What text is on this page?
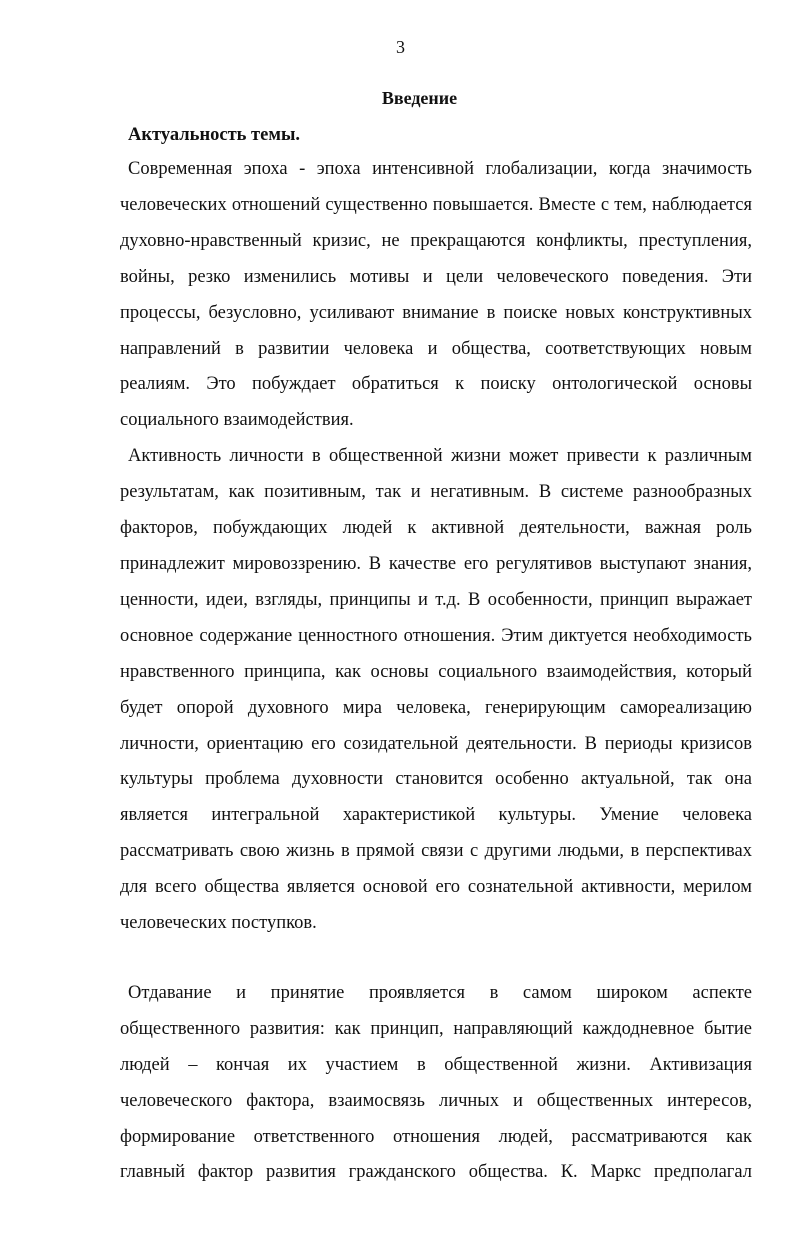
3
Введение
Актуальность темы.
Современная эпоха - эпоха интенсивной глобализации, когда значимость
человеческих отношений существенно повышается. Вместе с тем, наблюдается
духовно-нравственный кризис, не прекращаются конфликты, преступления,
войны, резко изменились мотивы и цели человеческого поведения. Эти
процессы, безусловно, усиливают внимание в поиске новых конструктивных
направлений в развитии человека и общества, соответствующих новым
реалиям. Это побуждает обратиться к поиску онтологической основы
социального взаимодействия.
Активность личности в общественной жизни может привести к различным
результатам, как позитивным, так и негативным. В системе разнообразных
факторов, побуждающих людей к активной деятельности, важная роль
принадлежит мировоззрению. В качестве его регулятивов выступают знания,
ценности, идеи, взгляды, принципы и т.д. В особенности, принцип выражает
основное содержание ценностного отношения. Этим диктуется необходимость
нравственного принципа, как основы социального взаимодействия, который
будет опорой духовного мира человека, генерирующим самореализацию
личности, ориентацию его созидательной деятельности. В периоды кризисов
культуры проблема духовности становится особенно актуальной, так она
является интегральной характеристикой культуры. Умение человека
рассматривать свою жизнь в прямой связи с другими людьми, в перспективах
для всего общества является основой его сознательной активности, мерилом
человеческих поступков.
Отдавание и принятие проявляется в самом широком аспекте
общественного развития: как принцип, направляющий каждодневное бытие
людей – кончая их участием в общественной жизни. Активизация
человеческого фактора, взаимосвязь личных и общественных интересов,
формирование ответственного отношения людей, рассматриваются как
главный фактор развития гражданского общества. К. Маркс предполагал
